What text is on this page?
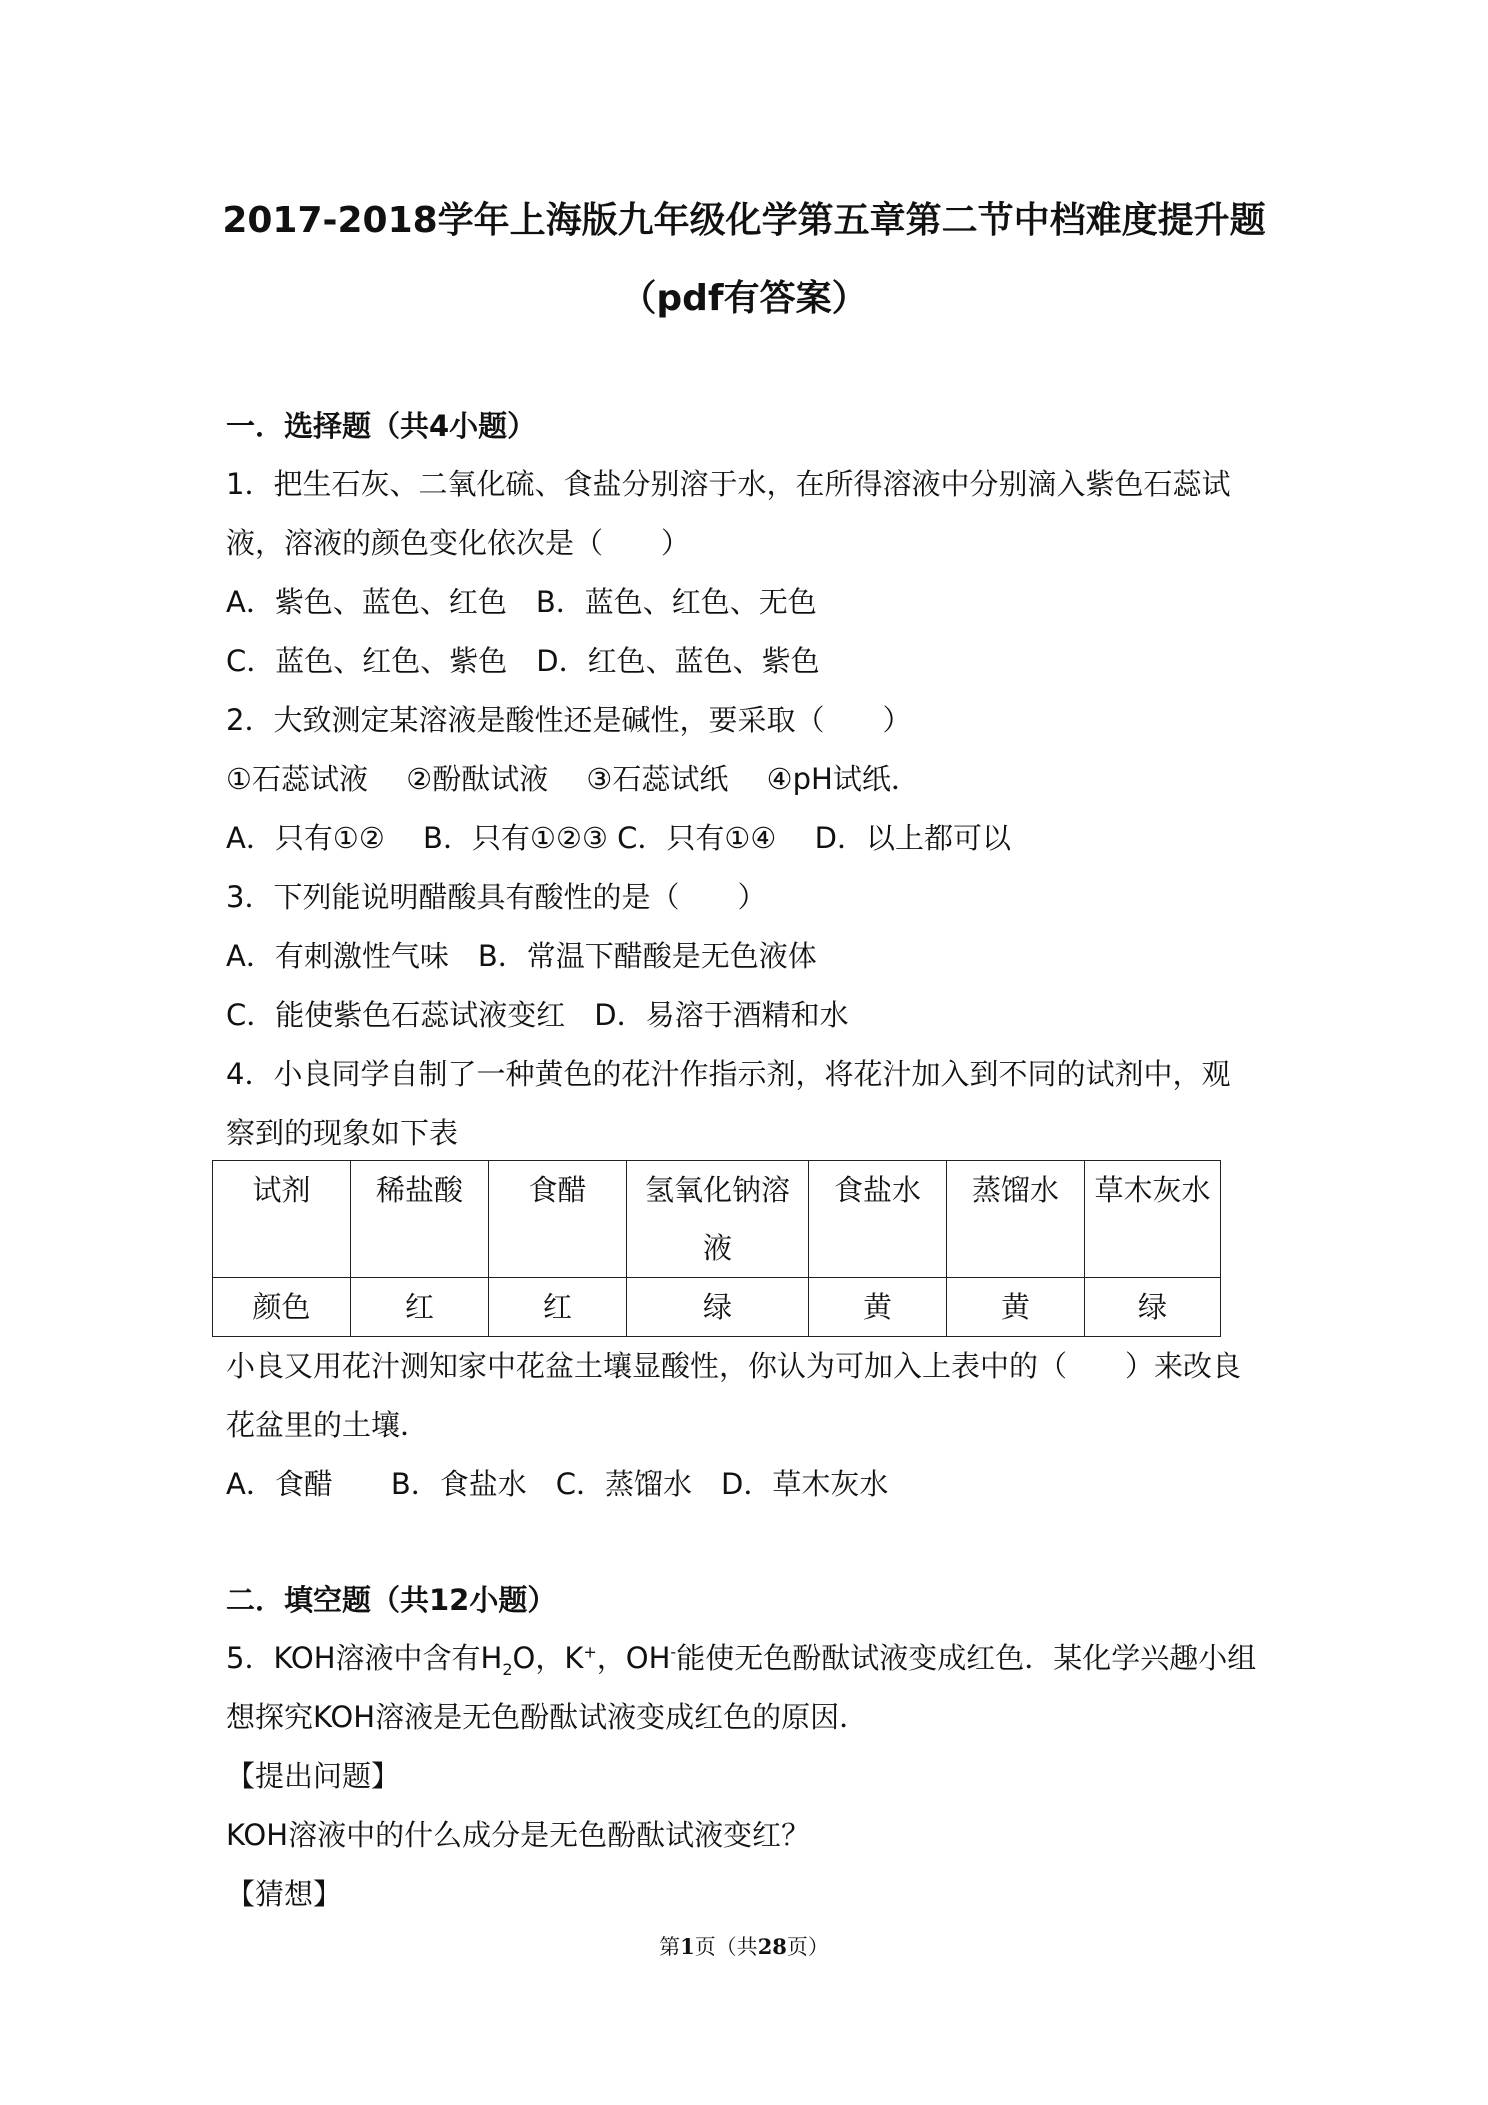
2017-2018学年上海版九年级化学第五章第二节中档难度提升题
（pdf有答案）
一．选择题（共4小题）
1．把生石灰、二氧化硫、食盐分别溶于水，在所得溶液中分别滴入紫色石蕊试
液，溶液的颜色变化依次是（　　）
A．紫色、蓝色、红色　B．蓝色、红色、无色
C．蓝色、红色、紫色　D．红色、蓝色、紫色
2．大致测定某溶液是酸性还是碱性，要采取（　　）
①石蕊试液　 ②酚酞试液　 ③石蕊试纸　 ④pH试纸．
A．只有①②　 B．只有①②③ C．只有①④　 D．以上都可以
3．下列能说明醋酸具有酸性的是（　　）
A．有刺激性气味　B．常温下醋酸是无色液体
C．能使紫色石蕊试液变红　D．易溶于酒精和水
4．小良同学自制了一种黄色的花汁作指示剂，将花汁加入到不同的试剂中，观
察到的现象如下表
试剂	稀盐酸	食醋	氢氧化钠溶液	食盐水	蒸馏水	草木灰水
颜色	红	红	绿	黄	黄	绿
小良又用花汁测知家中花盆土壤显酸性，你认为可加入上表中的（　　）来改良
花盆里的土壤．
A．食醋　　B．食盐水　C．蒸馏水　D．草木灰水
二．填空题（共12小题）
5．KOH溶液中含有$H_2O$，K+，OH-能使无色酚酞试液变成红色．某化学兴趣小组
想探究KOH溶液是无色酚酞试液变成红色的原因．
【提出问题】
KOH溶液中的什么成分是无色酚酞试液变红？
【猜想】
第1页（共28页）
